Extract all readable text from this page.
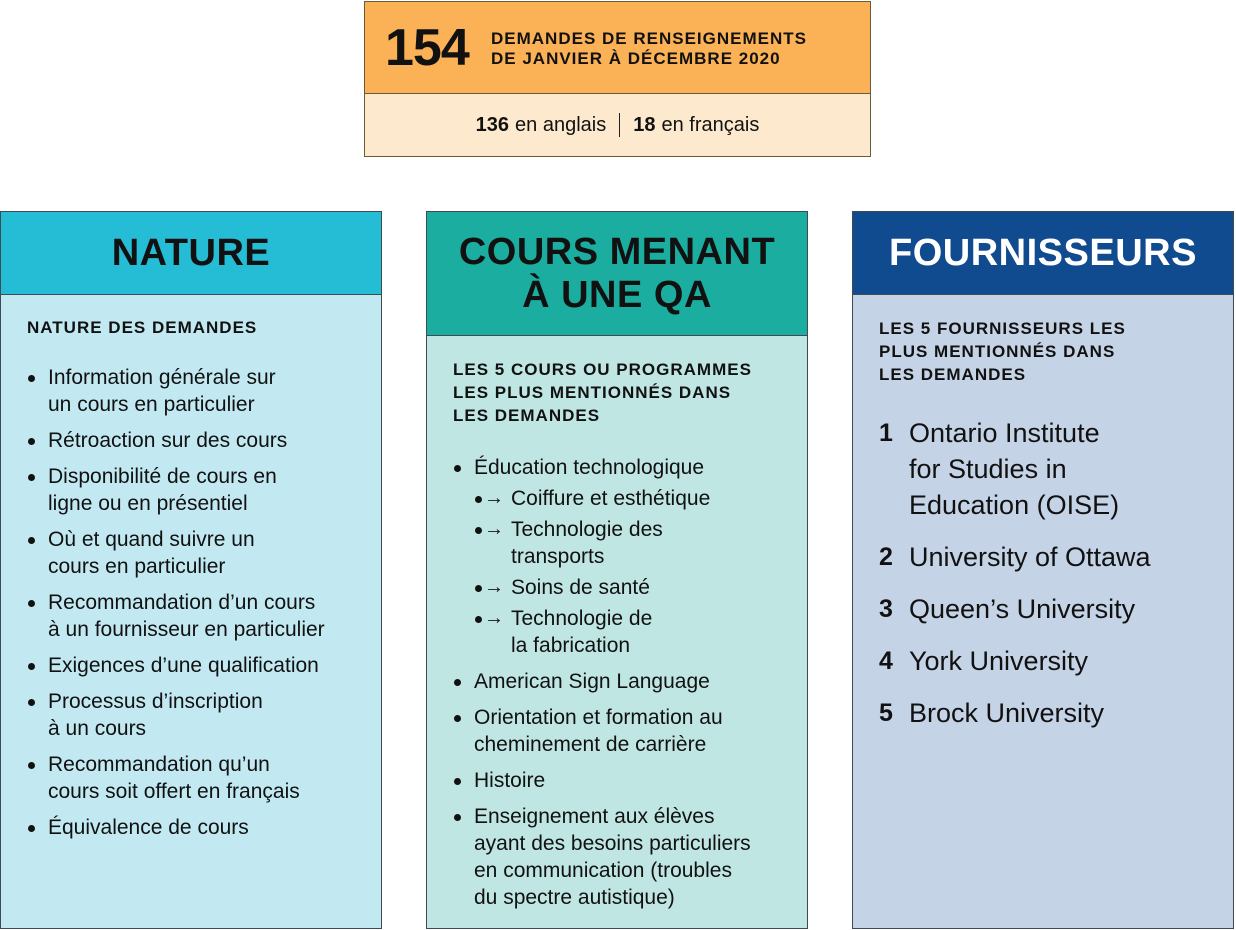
154 DEMANDES DE RENSEIGNEMENTS
DE JANVIER À DÉCEMBRE 2020
136 en anglais 18 en français
NATURE
NATURE DES DEMANDES
Information générale sur
un cours en particulier
Rétroaction sur des cours
Disponibilité de cours en
ligne ou en présentiel
Où et quand suivre un
cours en particulier
Recommandation d’un cours
à un fournisseur en particulier
Exigences d’une qualification
Processus d’inscription
à un cours
Recommandation qu’un
cours soit offert en français
Équivalence de cours
COURS MENANT
À UNE QA
LES 5 COURS OU PROGRAMMES
LES PLUS MENTIONNÉS DANS
LES DEMANDES
Éducation technologique
→ Coiffure et esthétique
→ Technologie des
transports
→ Soins de santé
→ Technologie de
la fabrication
American Sign Language
Orientation et formation au
cheminement de carrière
Histoire
Enseignement aux élèves
ayant des besoins particuliers
en communication (troubles
du spectre autistique)
FOURNISSEURS
LES 5 FOURNISSEURS LES
PLUS MENTIONNÉS DANS
LES DEMANDES
1 Ontario Institute
for Studies in
Education (OISE)
2 University of Ottawa
3 Queen’s University
4 York University
5 Brock University
